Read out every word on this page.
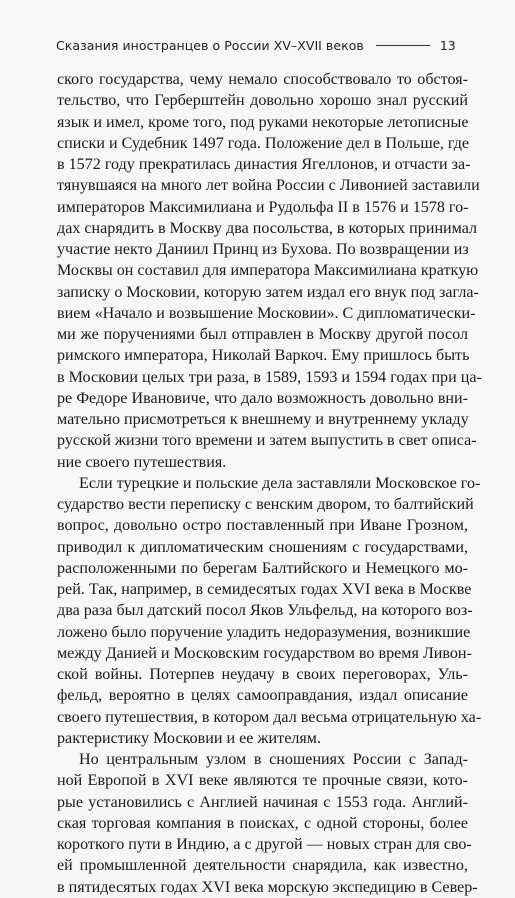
Сказания иностранцев о России XV–XVII веков	13
ского государства, чему немало способствовало то обстоя-
тельство, что Герберштейн довольно хорошо знал русский
язык и имел, кроме того, под руками некоторые летописные
списки и Судебник 1497 года. Положение дел в Польше, где
в 1572 году прекратилась династия Ягеллонов, и отчасти за-
тянувшаяся на много лет война России с Ливонией заставили
императоров Максимилиана и Рудольфа II в 1576 и 1578 го-
дах снарядить в Москву два посольства, в которых принимал
участие некто Даниил Принц из Бухова. По возвращении из
Москвы он составил для императора Максимилиана краткую
записку о Московии, которую затем издал его внук под загла-
вием «Начало и возвышение Московии». С дипломатически-
ми же поручениями был отправлен в Москву другой посол
римского императора, Николай Варкоч. Ему пришлось быть
в Московии целых три раза, в 1589, 1593 и 1594 годах при ца-
ре Федоре Ивановиче, что дало возможность довольно вни-
мательно присмотреться к внешнему и внутреннему укладу
русской жизни того времени и затем выпустить в свет описа-
ние своего путешествия.
Если турецкие и польские дела заставляли Московское го-
сударство вести переписку с венским двором, то балтийский
вопрос, довольно остро поставленный при Иване Грозном,
приводил к дипломатическим сношениям с государствами,
расположенными по берегам Балтийского и Немецкого мо-
рей. Так, например, в семидесятых годах XVI века в Москве
два раза был датский посол Яков Ульфельд, на которого воз-
ложено было поручение уладить недоразумения, возникшие
между Данией и Московским государством во время Ливон-
ской войны. Потерпев неудачу в своих переговорах, Уль-
фельд, вероятно в целях самооправдания, издал описание
своего путешествия, в котором дал весьма отрицательную ха-
рактеристику Московии и ее жителям.
Но центральным узлом в сношениях России с Запад-
ной Европой в XVI веке являются те прочные связи, кото-
рые установились с Англией начиная с 1553 года. Англий-
ская торговая компания в поисках, с одной стороны, более
короткого пути в Индию, а с другой — новых стран для сво-
ей промышленной деятельности снарядила, как известно,
в пятидесятых годах XVI века морскую экспедицию в Север-
